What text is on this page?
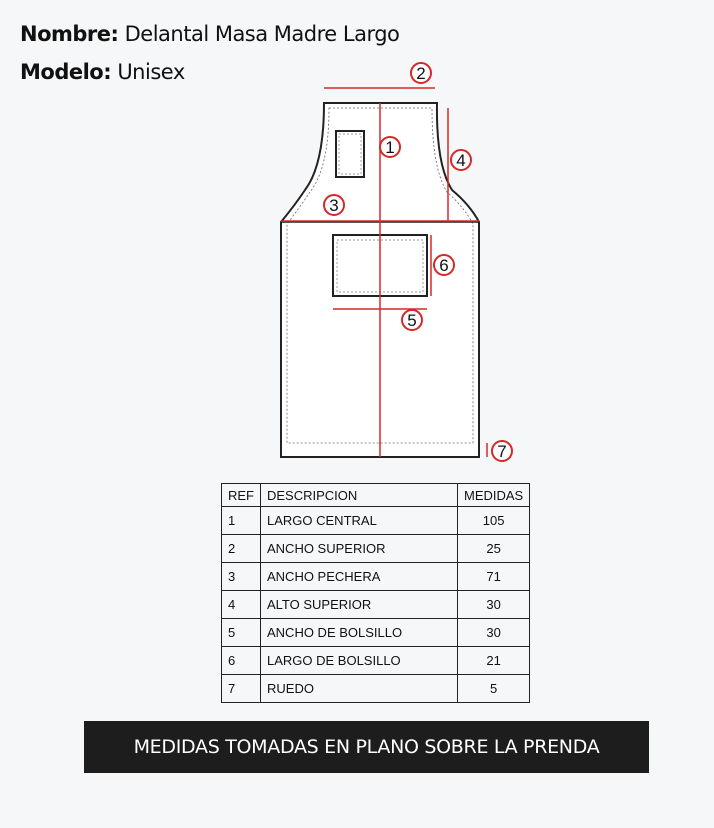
Nombre: Delantal Masa Madre Largo
Modelo: Unisex	2
1
4
3
6
5
7
REF	DESCRIPCION	MEDIDAS
1	LARGO CENTRAL	105
2	ANCHO SUPERIOR	25
3	ANCHO PECHERA	71
4	ALTO SUPERIOR	30
5	ANCHO DE BOLSILLO	30
6	LARGO DE BOLSILLO	21
7	RUEDO	5
MEDIDAS TOMADAS EN PLANO SOBRE LA PRENDA
